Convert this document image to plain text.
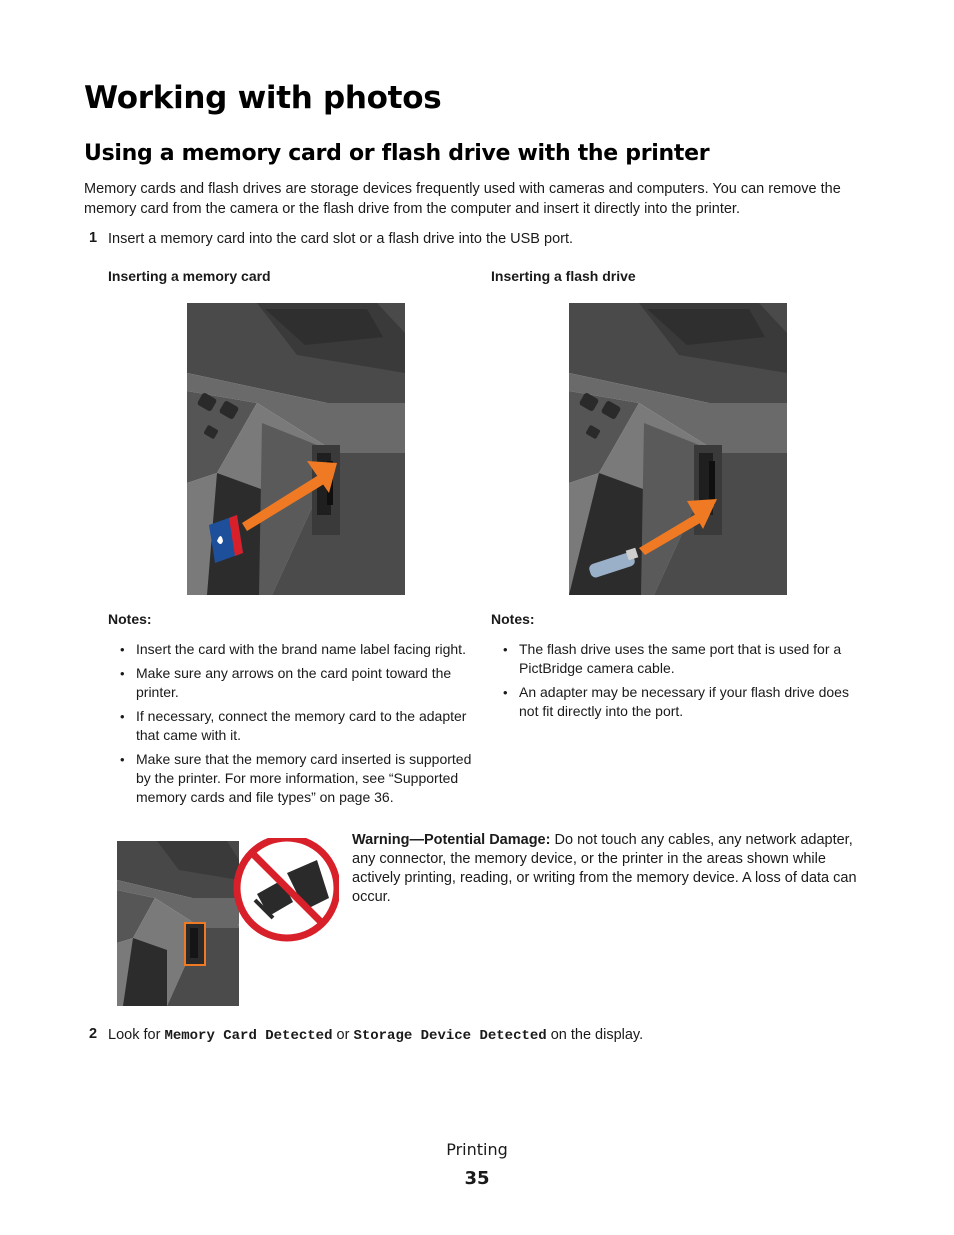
Working with photos
Using a memory card or flash drive with the printer
Memory cards and flash drives are storage devices frequently used with cameras and computers. You can remove the memory card from the camera or the flash drive from the computer and insert it directly into the printer.
1 Insert a memory card into the card slot or a flash drive into the USB port.
Inserting a memory card	Inserting a flash drive
Notes:
• Insert the card with the brand name label facing right.
• Make sure any arrows on the card point toward the printer.
• If necessary, connect the memory card to the adapter that came with it.
• Make sure that the memory card inserted is supported by the printer. For more information, see “Supported memory cards and file types” on page 36.
Notes:
• The flash drive uses the same port that is used for a PictBridge camera cable.
• An adapter may be necessary if your flash drive does not fit directly into the port.
Warning—Potential Damage: Do not touch any cables, any network adapter, any connector, the memory device, or the printer in the areas shown while actively printing, reading, or writing from the memory device. A loss of data can occur.
2 Look for Memory Card Detected or Storage Device Detected on the display.
Printing
35
